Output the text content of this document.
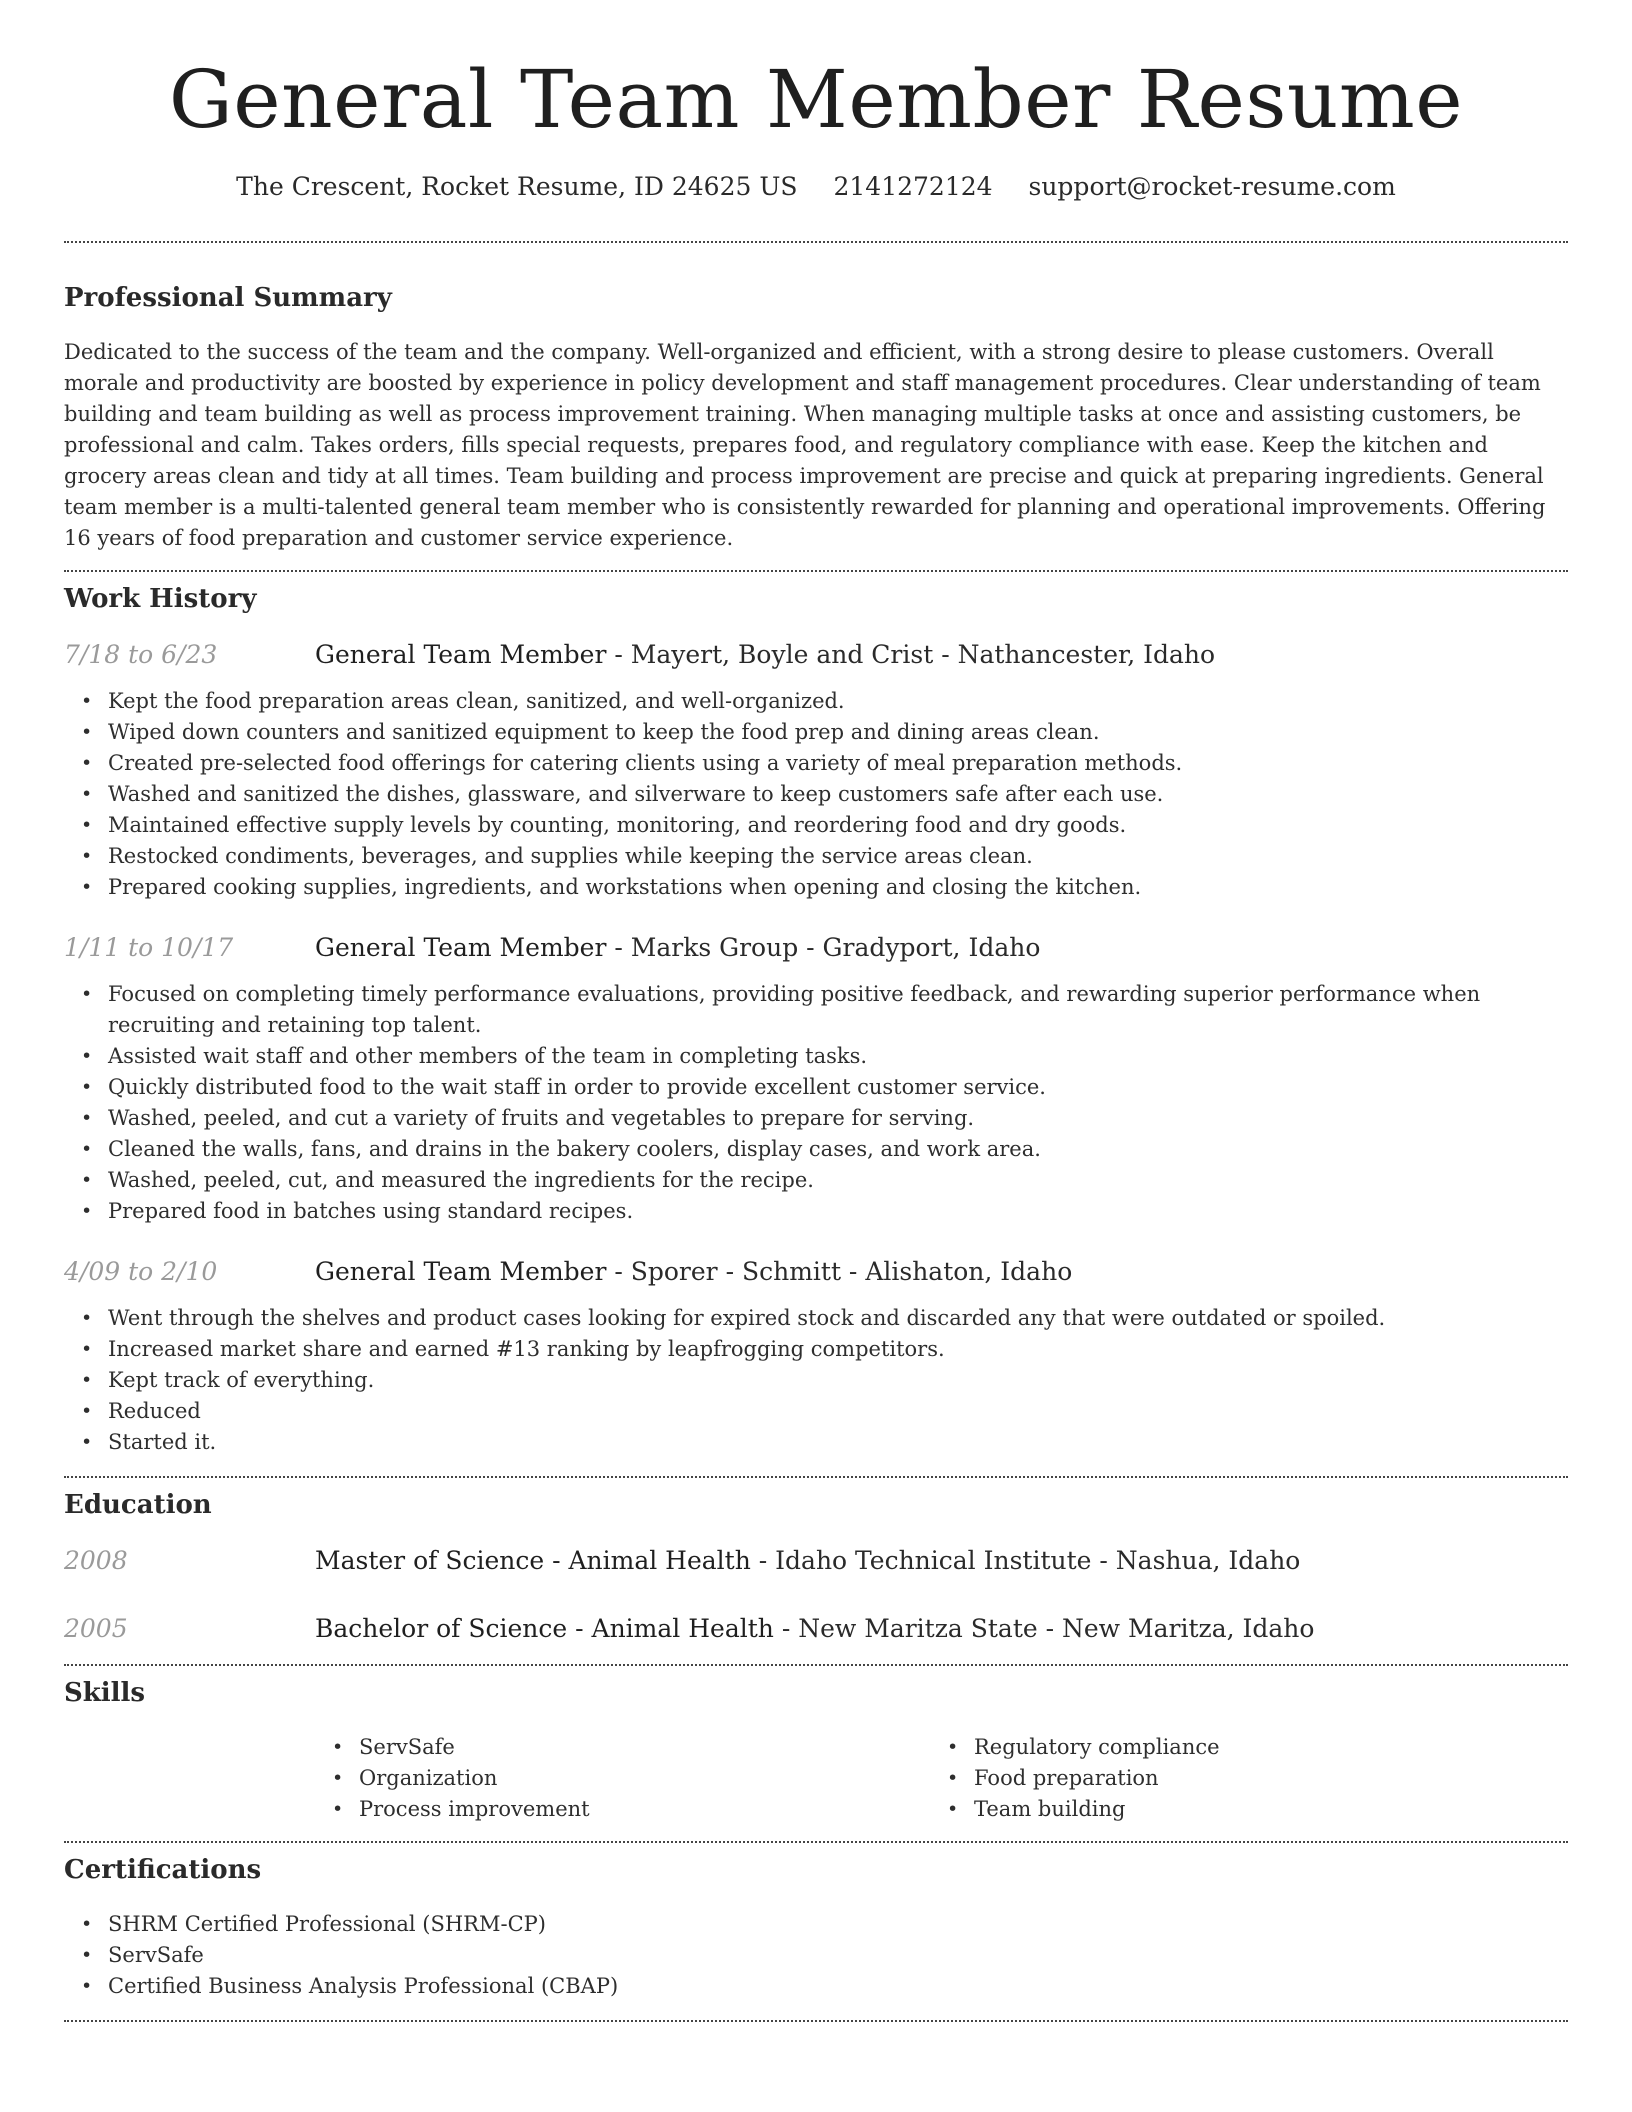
General Team Member Resume
The Crescent, Rocket Resume, ID 24625 US 2141272124 support@rocket-resume.com
Professional Summary

Dedicated to the success of the team and the company. Well-organized and efficient, with a strong desire to please customers. Overall morale and productivity are boosted by experience in policy development and staff management procedures. Clear understanding of team building and team building as well as process improvement training. When managing multiple tasks at once and assisting customers, be professional and calm. Takes orders, fills special requests, prepares food, and regulatory compliance with ease. Keep the kitchen and grocery areas clean and tidy at all times. Team building and process improvement are precise and quick at preparing ingredients. General team member is a multi-talented general team member who is consistently rewarded for planning and operational improvements. Offering 16 years of food preparation and customer service experience.

Work History
7/18 to 6/23	General Team Member - Mayert, Boyle and Crist - Nathancester, Idaho
• Kept the food preparation areas clean, sanitized, and well-organized.
• Wiped down counters and sanitized equipment to keep the food prep and dining areas clean.
• Created pre-selected food offerings for catering clients using a variety of meal preparation methods.
• Washed and sanitized the dishes, glassware, and silverware to keep customers safe after each use.
• Maintained effective supply levels by counting, monitoring, and reordering food and dry goods.
• Restocked condiments, beverages, and supplies while keeping the service areas clean.
• Prepared cooking supplies, ingredients, and workstations when opening and closing the kitchen.
1/11 to 10/17	General Team Member - Marks Group - Gradyport, Idaho
• Focused on completing timely performance evaluations, providing positive feedback, and rewarding superior performance when recruiting and retaining top talent.
• Assisted wait staff and other members of the team in completing tasks.
• Quickly distributed food to the wait staff in order to provide excellent customer service.
• Washed, peeled, and cut a variety of fruits and vegetables to prepare for serving.
• Cleaned the walls, fans, and drains in the bakery coolers, display cases, and work area.
• Washed, peeled, cut, and measured the ingredients for the recipe.
• Prepared food in batches using standard recipes.
4/09 to 2/10	General Team Member - Sporer - Schmitt - Alishaton, Idaho
• Went through the shelves and product cases looking for expired stock and discarded any that were outdated or spoiled.
• Increased market share and earned #13 ranking by leapfrogging competitors.
• Kept track of everything.
• Reduced
• Started it.
Education
2008	Master of Science - Animal Health - Idaho Technical Institute - Nashua, Idaho
2005	Bachelor of Science - Animal Health - New Maritza State - New Maritza, Idaho
Skills
• ServSafe
• Organization
• Process improvement
• Regulatory compliance
• Food preparation
• Team building
Certifications
• SHRM Certified Professional (SHRM-CP)
• ServSafe
• Certified Business Analysis Professional (CBAP)
